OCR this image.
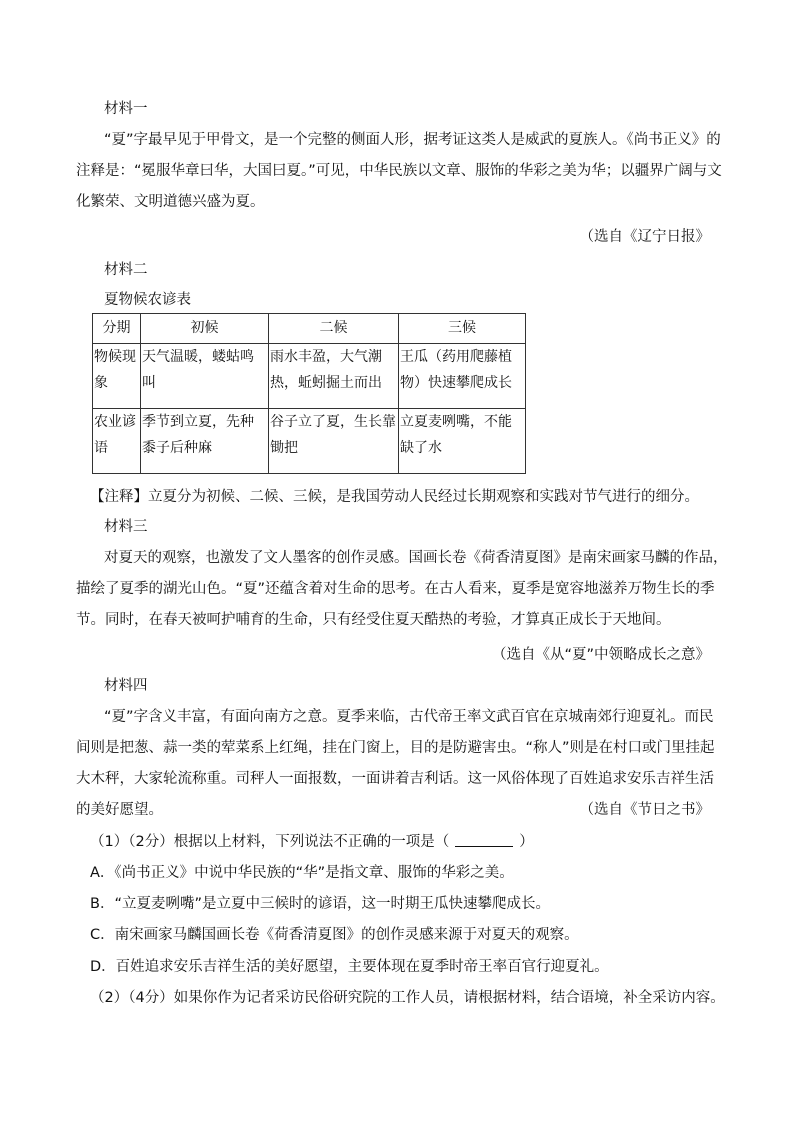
材料一
“夏”字最早见于甲骨文，是一个完整的侧面人形，据考证这类人是威武的夏族人。《尚书正义》的注释是：“冕服华章曰华，大国曰夏。”可见，中华民族以文章、服饰的华彩之美为华；以疆界广阔与文化繁荣、文明道德兴盛为夏。
（选自《辽宁日报》
材料二
夏物候农谚表
分期	初候	二候	三候
物候现象	天气温暖，蝼蛄鸣叫	雨水丰盈，大气潮热，蚯蚓掘土而出	王瓜（药用爬藤植物）快速攀爬成长
农业谚语	季节到立夏，先种黍子后种麻	谷子立了夏，生长靠锄把	立夏麦咧嘴，不能缺了水
【注释】立夏分为初候、二候、三候，是我国劳动人民经过长期观察和实践对节气进行的细分。
材料三
对夏天的观察，也激发了文人墨客的创作灵感。国画长卷《荷香清夏图》是南宋画家马麟的作品，描绘了夏季的湖光山色。“夏”还蕴含着对生命的思考。在古人看来，夏季是宽容地滋养万物生长的季节。同时，在春天被呵护哺育的生命，只有经受住夏天酷热的考验，才算真正成长于天地间。
（选自《从“夏”中领略成长之意》
材料四
“夏”字含义丰富，有面向南方之意。夏季来临，古代帝王率文武百官在京城南郊行迎夏礼。而民间则是把葱、蒜一类的荤菜系上红绳，挂在门窗上，目的是防避害虫。“称人”则是在村口或门里挂起大木秤，大家轮流称重。司秤人一面报数，一面讲着吉利话。这一风俗体现了百姓追求安乐吉祥生活的美好愿望。	（选自《节日之书》
（1）（2分）根据以上材料，下列说法不正确的一项是（	）
A．《尚书正义》中说中华民族的“华”是指文章、服饰的华彩之美。
B．“立夏麦咧嘴”是立夏中三候时的谚语，这一时期王瓜快速攀爬成长。
C．南宋画家马麟国画长卷《荷香清夏图》的创作灵感来源于对夏天的观察。
D．百姓追求安乐吉祥生活的美好愿望，主要体现在夏季时帝王率百官行迎夏礼。
（2）（4分）如果你作为记者采访民俗研究院的工作人员，请根据材料，结合语境，补全采访内容。
